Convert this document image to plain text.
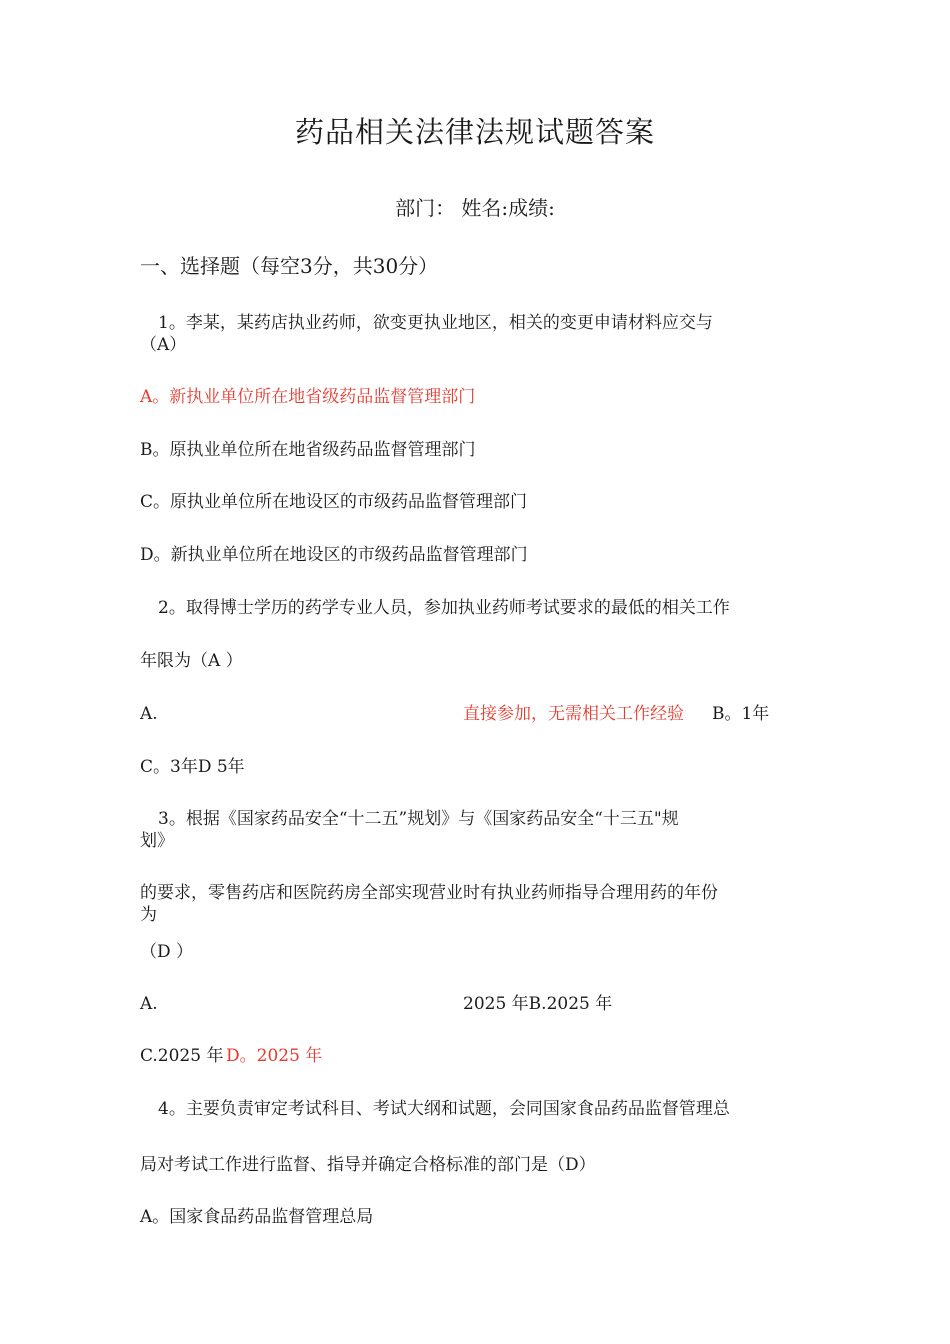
药品相关法律法规试题答案
部门： 姓名:成绩:
一、选择题（每空3分，共30分）
1。李某，某药店执业药师，欲变更执业地区，相关的变更申请材料应交与
（A）
A。新执业单位所在地省级药品监督管理部门
B。原执业单位所在地省级药品监督管理部门
C。原执业单位所在地设区的市级药品监督管理部门
D。新执业单位所在地设区的市级药品监督管理部门
2。取得博士学历的药学专业人员，参加执业药师考试要求的最低的相关工作
年限为（A ）
A.	直接参加，无需相关工作经验 B。1年
C。3年D 5年
3。根据《国家药品安全“十二五”规划》与《国家药品安全“十三五"规
划》
的要求，零售药店和医院药房全部实现营业时有执业药师指导合理用药的年份
为
（D ）
A.	2025 年B.2025 年
C.2025 年 D。2025 年
4。主要负责审定考试科目、考试大纲和试题，会同国家食品药品监督管理总
局对考试工作进行监督、指导并确定合格标准的部门是（D）
A。国家食品药品监督管理总局
